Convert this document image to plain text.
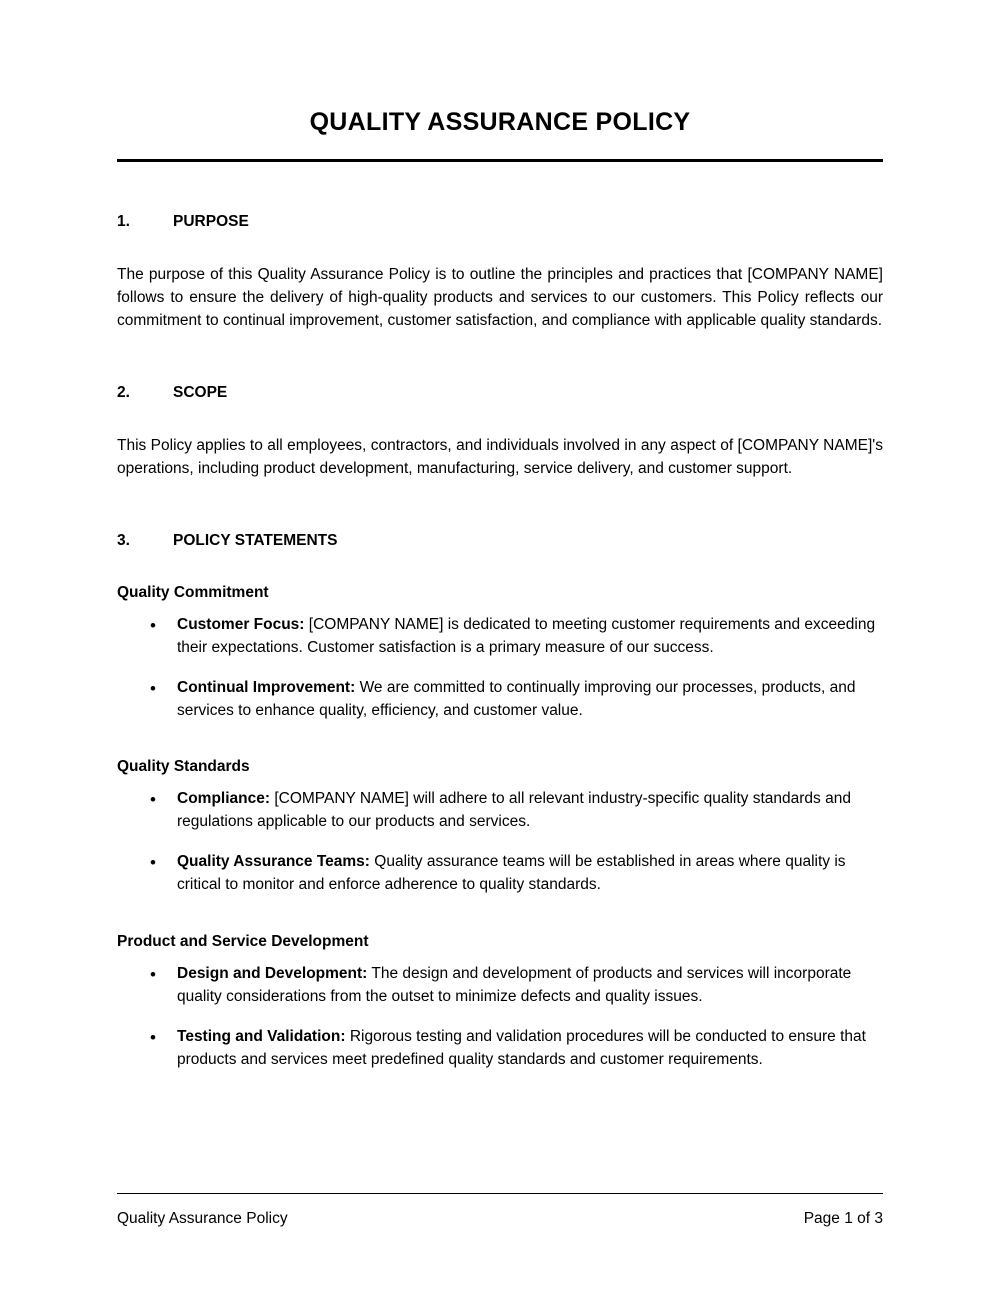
QUALITY ASSURANCE POLICY
1.	PURPOSE

The purpose of this Quality Assurance Policy is to outline the principles and practices that [COMPANY NAME] follows to ensure the delivery of high-quality products and services to our customers. This Policy reflects our commitment to continual improvement, customer satisfaction, and compliance with applicable quality standards.

2.	SCOPE

This Policy applies to all employees, contractors, and individuals involved in any aspect of [COMPANY NAME]'s operations, including product development, manufacturing, service delivery, and customer support.

3.	POLICY STATEMENTS
Quality Commitment
• Customer Focus: [COMPANY NAME] is dedicated to meeting customer requirements and exceeding their expectations. Customer satisfaction is a primary measure of our success.
• Continual Improvement: We are committed to continually improving our processes, products, and services to enhance quality, efficiency, and customer value.
Quality Standards
• Compliance: [COMPANY NAME] will adhere to all relevant industry-specific quality standards and regulations applicable to our products and services.
• Quality Assurance Teams: Quality assurance teams will be established in areas where quality is critical to monitor and enforce adherence to quality standards.
Product and Service Development
• Design and Development: The design and development of products and services will incorporate quality considerations from the outset to minimize defects and quality issues.
• Testing and Validation: Rigorous testing and validation procedures will be conducted to ensure that products and services meet predefined quality standards and customer requirements.
Quality Assurance Policy	Page 1 of 3
